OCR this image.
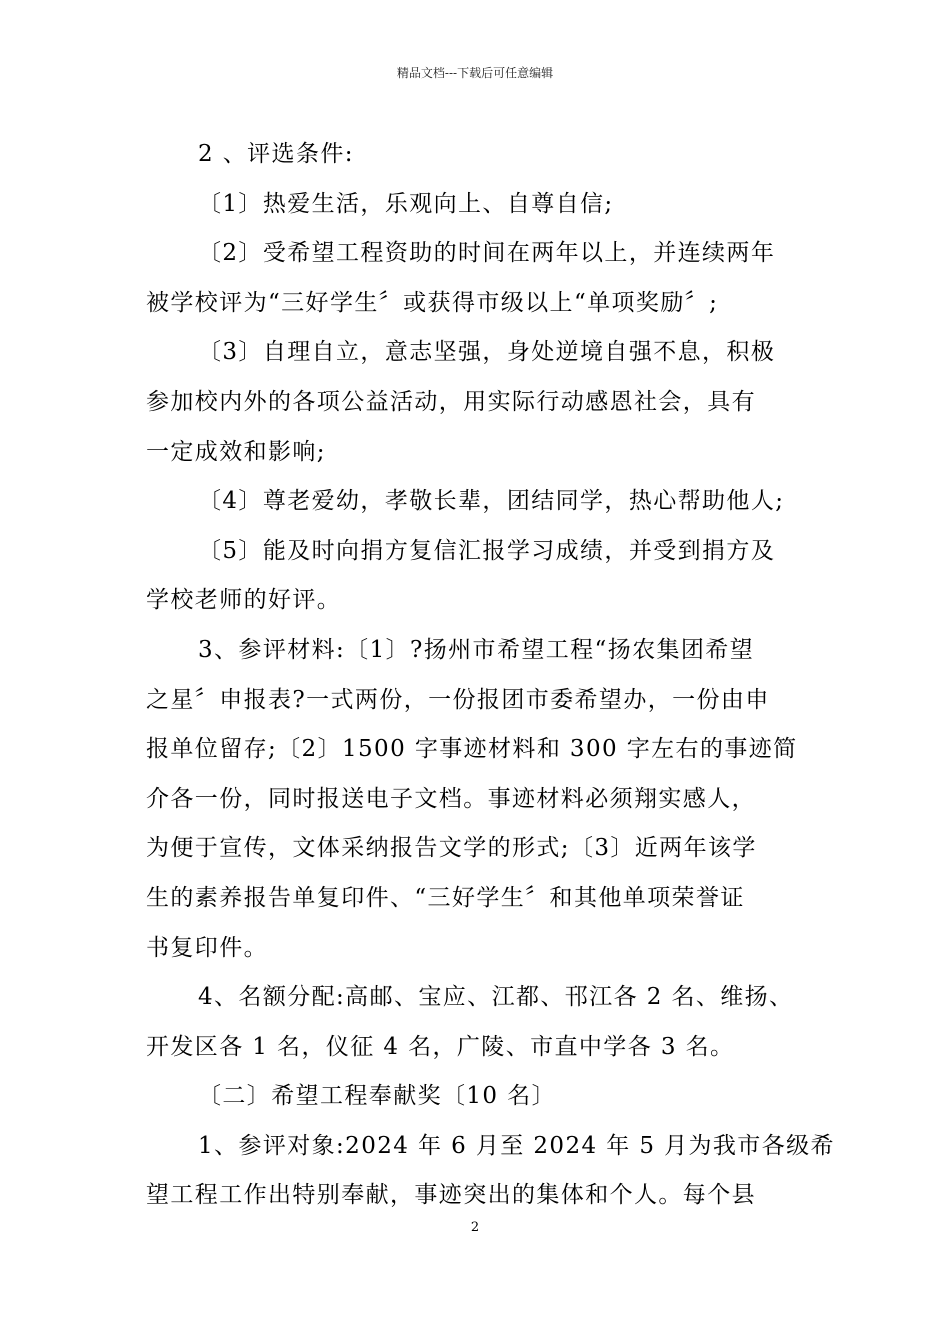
精品文档---下载后可任意编辑
2 、评选条件:
〔1〕热爱生活，乐观向上、自尊自信;
〔2〕受希望工程资助的时间在两年以上，并连续两年
被学校评为“三好学生〞或获得市级以上“单项奖励〞;
〔3〕自理自立，意志坚强，身处逆境自强不息，积极
参加校内外的各项公益活动，用实际行动感恩社会，具有
一定成效和影响;
〔4〕尊老爱幼，孝敬长辈，团结同学，热心帮助他人;
〔5〕能及时向捐方复信汇报学习成绩，并受到捐方及
学校老师的好评。
3、参评材料:〔1〕?扬州市希望工程“扬农集团希望
之星〞申报表?一式两份，一份报团市委希望办，一份由申
报单位留存;〔2〕1500 字事迹材料和 300 字左右的事迹简
介各一份，同时报送电子文档。事迹材料必须翔实感人，
为便于宣传，文体采纳报告文学的形式;〔3〕近两年该学
生的素养报告单复印件、“三好学生〞和其他单项荣誉证
书复印件。
4、名额分配:高邮、宝应、江都、邗江各 2 名、维扬、
开发区各 1 名，仪征 4 名，广陵、市直中学各 3 名。
〔二〕希望工程奉献奖〔10 名〕
1、参评对象:2024 年 6 月至 2024 年 5 月为我市各级希
望工程工作出特别奉献，事迹突出的集体和个人。每个县
2
